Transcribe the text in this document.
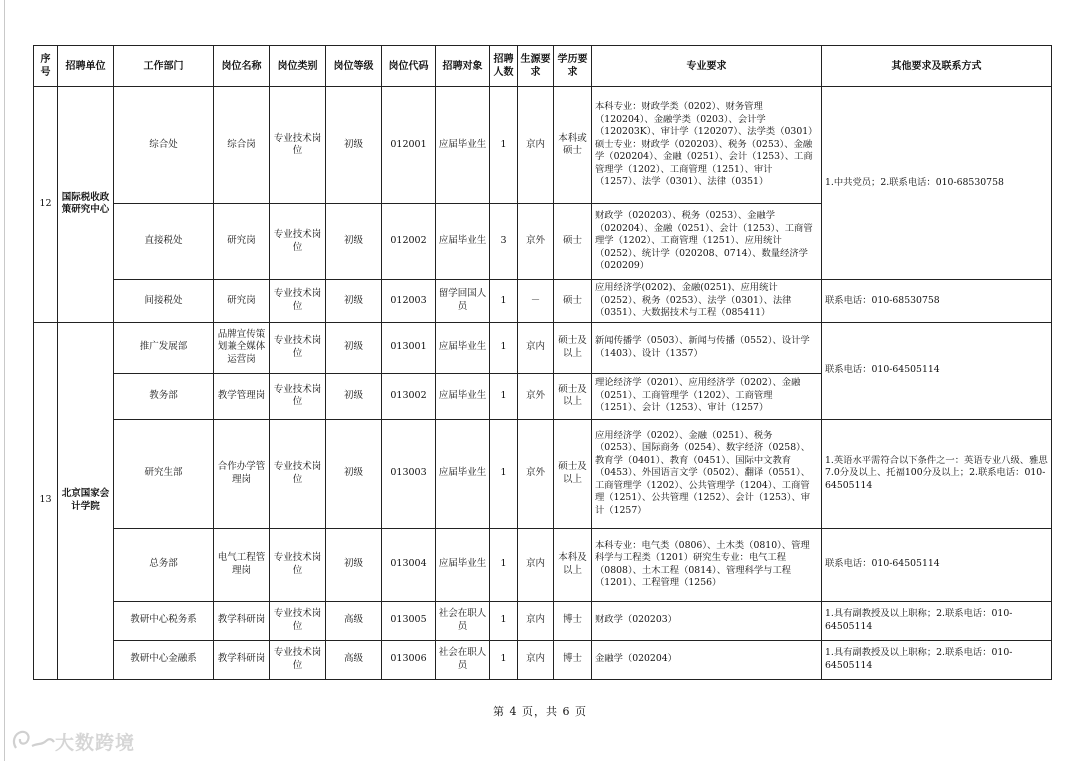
序号	招聘单位	工作部门	岗位名称	岗位类别	岗位等级	岗位代码	招聘对象	招聘人数	生源要求	学历要求	专业要求	其他要求及联系方式
12	国际税收政策研究中心	综合处	综合岗	专业技术岗位	初级	012001	应届毕业生	1	京内	本科或硕士	本科专业：财政学类（0202）、财务管理（120204）、金融学类（0203）、会计学（120203K）、审计学（120207）、法学类（0301）硕士专业：财政学（020203）、税务（0253）、金融学（020204）、金融（0251）、会计（1253）、工商管理学（1202）、工商管理（1251）、审计（1257）、法学（0301）、法律（0351）	1.中共党员；2.联系电话：010-68530758
		直接税处	研究岗	专业技术岗位	初级	012002	应届毕业生	3	京外	硕士	财政学（020203）、税务（0253）、金融学（020204）、金融（0251）、会计（1253）、工商管理学（1202）、工商管理（1251）、应用统计（0252）、统计学（020208、0714）、数量经济学（020209）	
		间接税处	研究岗	专业技术岗位	初级	012003	留学回国人员	1	－	硕士	应用经济学(0202)、金融(0251)、应用统计（0252）、税务（0253）、法学（0301）、法律（0351）、大数据技术与工程（085411）	联系电话：010-68530758
13	北京国家会计学院	推广发展部	品牌宣传策划兼全媒体运营岗	专业技术岗位	初级	013001	应届毕业生	1	京内	硕士及以上	新闻传播学（0503）、新闻与传播（0552）、设计学（1403）、设计（1357）	联系电话：010-64505114
		教务部	教学管理岗	专业技术岗位	初级	013002	应届毕业生	1	京外	硕士及以上	理论经济学（0201）、应用经济学（0202）、金融（0251）、工商管理学（1202）、工商管理（1251）、会计（1253）、审计（1257）	
		研究生部	合作办学管理岗	专业技术岗位	初级	013003	应届毕业生	1	京外	硕士及以上	应用经济学（0202）、金融（0251）、税务（0253）、国际商务（0254）、数字经济（0258）、教育学（0401）、教育（0451）、国际中文教育（0453）、外国语言文学（0502）、翻译（0551）、工商管理学（1202）、公共管理学（1204）、工商管理（1251）、公共管理（1252）、会计（1253）、审计（1257）	1.英语水平需符合以下条件之一：英语专业八级、雅思7.0分及以上、托福100分及以上；2.联系电话：010-64505114
		总务部	电气工程管理岗	专业技术岗位	初级	013004	应届毕业生	1	京内	本科及以上	本科专业：电气类（0806）、土木类（0810）、管理科学与工程类（1201）研究生专业：电气工程（0808）、土木工程（0814）、管理科学与工程（1201）、工程管理（1256）	联系电话：010-64505114
		教研中心税务系	教学科研岗	专业技术岗位	高级	013005	社会在职人员	1	京内	博士	财政学（020203）	1.具有副教授及以上职称；2.联系电话：010-64505114
		教研中心金融系	教学科研岗	专业技术岗位	高级	013006	社会在职人员	1	京内	博士	金融学（020204）	1.具有副教授及以上职称；2.联系电话：010-64505114
第 4 页，共 6 页
大数跨境
